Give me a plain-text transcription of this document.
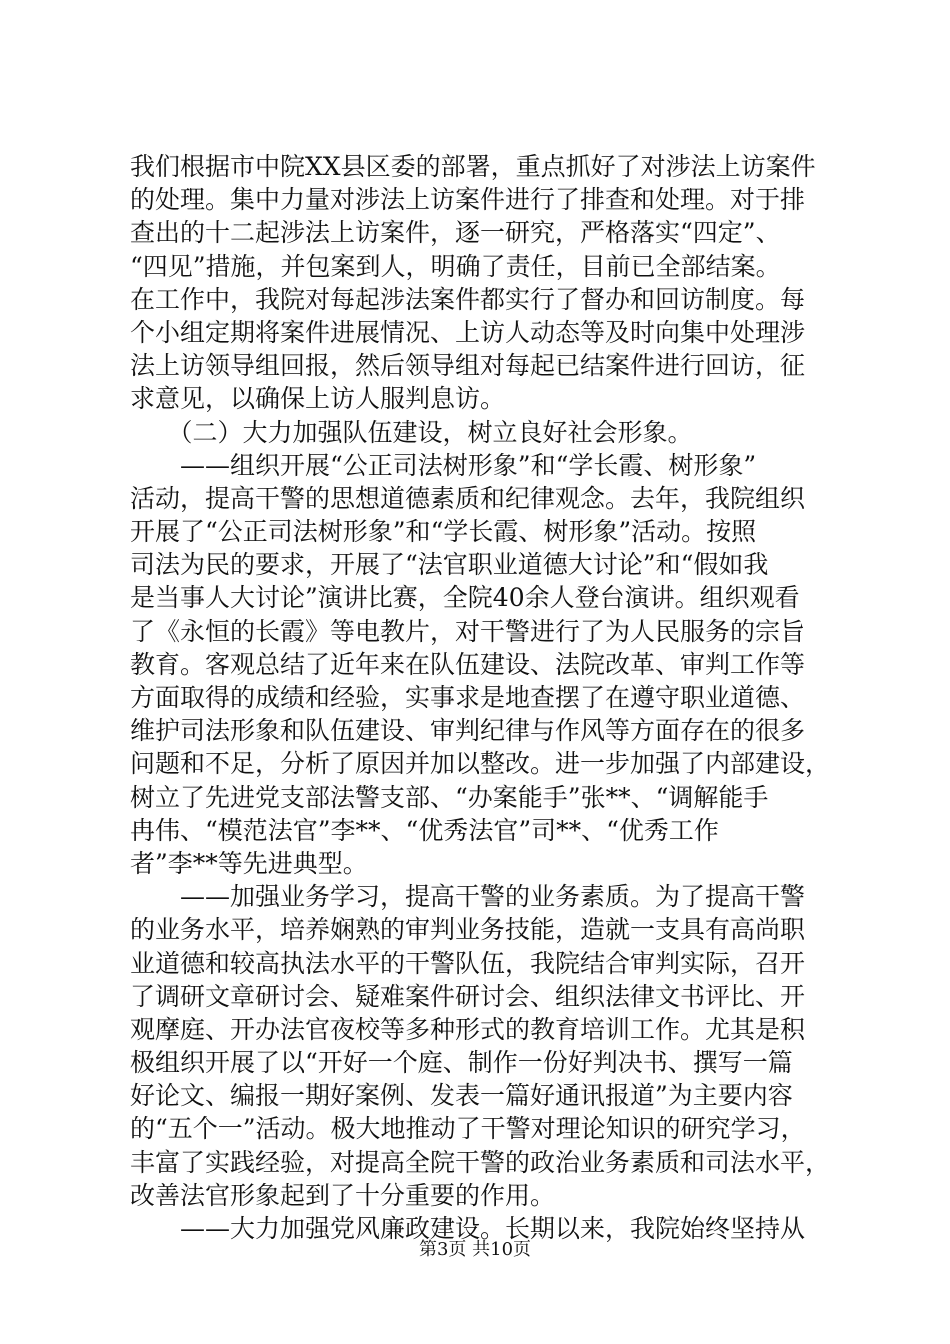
我们根据市中院XX县区委的部署，重点抓好了对涉法上访案件
的处理。集中力量对涉法上访案件进行了排查和处理。对于排
查出的十二起涉法上访案件，逐一研究，严格落实“四定”、
“四见”措施，并包案到人，明确了责任，目前已全部结案。
在工作中，我院对每起涉法案件都实行了督办和回访制度。每
个小组定期将案件进展情况、上访人动态等及时向集中处理涉
法上访领导组回报，然后领导组对每起已结案件进行回访，征
求意见，以确保上访人服判息访。
　　（二）大力加强队伍建设，树立良好社会形象。
　　——组织开展“公正司法树形象”和“学长霞、树形象”
活动，提高干警的思想道德素质和纪律观念。去年，我院组织
开展了“公正司法树形象”和“学长霞、树形象”活动。按照
司法为民的要求，开展了“法官职业道德大讨论”和“假如我
是当事人大讨论”演讲比赛，全院40余人登台演讲。组织观看
了《永恒的长霞》等电教片，对干警进行了为人民服务的宗旨
教育。客观总结了近年来在队伍建设、法院改革、审判工作等
方面取得的成绩和经验，实事求是地查摆了在遵守职业道德、
维护司法形象和队伍建设、审判纪律与作风等方面存在的很多
问题和不足，分析了原因并加以整改。进一步加强了内部建设，
树立了先进党支部法警支部、“办案能手”张**、“调解能手
冉伟、“模范法官”李**、“优秀法官”司**、“优秀工作
者”李**等先进典型。
　　——加强业务学习，提高干警的业务素质。为了提高干警
的业务水平，培养娴熟的审判业务技能，造就一支具有高尚职
业道德和较高执法水平的干警队伍，我院结合审判实际，召开
了调研文章研讨会、疑难案件研讨会、组织法律文书评比、开
观摩庭、开办法官夜校等多种形式的教育培训工作。尤其是积
极组织开展了以“开好一个庭、制作一份好判决书、撰写一篇
好论文、编报一期好案例、发表一篇好通讯报道”为主要内容
的“五个一”活动。极大地推动了干警对理论知识的研究学习，
丰富了实践经验，对提高全院干警的政治业务素质和司法水平，
改善法官形象起到了十分重要的作用。
　　——大力加强党风廉政建设。长期以来，我院始终坚持从
第3页 共10页
